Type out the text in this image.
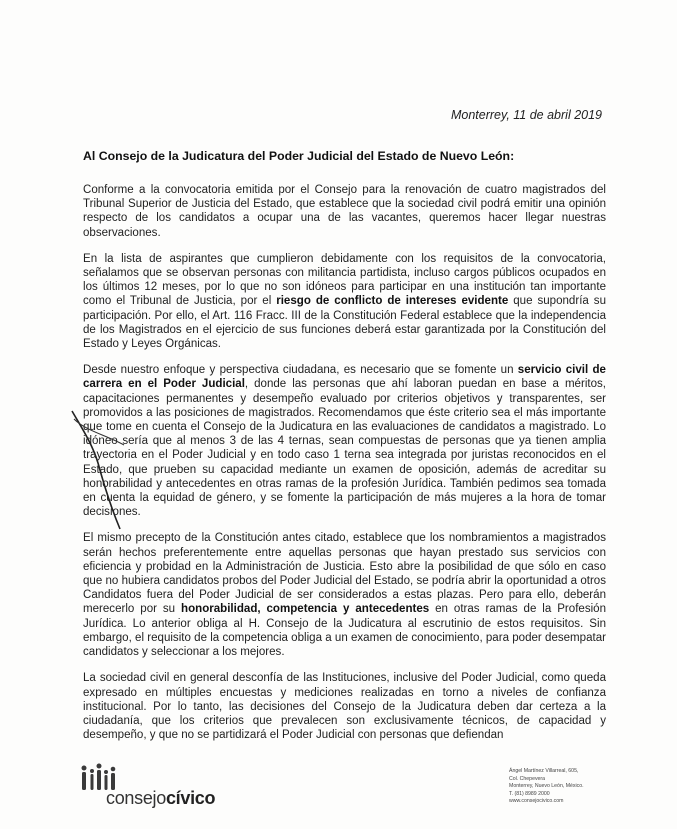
Monterrey, 11 de abril 2019
Al Consejo de la Judicatura del Poder Judicial del Estado de Nuevo León:

Conforme a la convocatoria emitida por el Consejo para la renovación de cuatro magistrados del Tribunal Superior de Justicia del Estado, que establece que la sociedad civil podrá emitir una opinión respecto de los candidatos a ocupar una de las vacantes, queremos hacer llegar nuestras observaciones.

En la lista de aspirantes que cumplieron debidamente con los requisitos de la convocatoria, señalamos que se observan personas con militancia partidista, incluso cargos públicos ocupados en los últimos 12 meses, por lo que no son idóneos para participar en una institución tan importante como el Tribunal de Justicia, por el riesgo de conflicto de intereses evidente que supondría su participación. Por ello, el Art. 116 Fracc. III de la Constitución Federal establece que la independencia de los Magistrados en el ejercicio de sus funciones deberá estar garantizada por la Constitución del Estado y Leyes Orgánicas.

Desde nuestro enfoque y perspectiva ciudadana, es necesario que se fomente un servicio civil de carrera en el Poder Judicial, donde las personas que ahí laboran puedan en base a méritos, capacitaciones permanentes y desempeño evaluado por criterios objetivos y transparentes, ser promovidos a las posiciones de magistrados. Recomendamos que éste criterio sea el más importante que tome en cuenta el Consejo de la Judicatura en las evaluaciones de candidatos a magistrado. Lo idóneo sería que al menos 3 de las 4 ternas, sean compuestas de personas que ya tienen amplia trayectoria en el Poder Judicial y en todo caso 1 terna sea integrada por juristas reconocidos en el Estado, que prueben su capacidad mediante un examen de oposición, además de acreditar su honorabilidad y antecedentes en otras ramas de la profesión Jurídica. También pedimos sea tomada en cuenta la equidad de género, y se fomente la participación de más mujeres a la hora de tomar decisiones.

El mismo precepto de la Constitución antes citado, establece que los nombramientos a magistrados serán hechos preferentemente entre aquellas personas que hayan prestado sus servicios con eficiencia y probidad en la Administración de Justicia. Esto abre la posibilidad de que sólo en caso que no hubiera candidatos probos del Poder Judicial del Estado, se podría abrir la oportunidad a otros Candidatos fuera del Poder Judicial de ser considerados a estas plazas. Pero para ello, deberán merecerlo por su honorabilidad, competencia y antecedentes en otras ramas de la Profesión Jurídica. Lo anterior obliga al H. Consejo de la Judicatura al escrutinio de estos requisitos. Sin embargo, el requisito de la competencia obliga a un examen de conocimiento, para poder desempatar candidatos y seleccionar a los mejores.

La sociedad civil en general desconfía de las Instituciones, inclusive del Poder Judicial, como queda expresado en múltiples encuestas y mediciones realizadas en torno a niveles de confianza institucional. Por lo tanto, las decisiones del Consejo de la Judicatura deben dar certeza a la ciudadanía, que los criterios que prevalecen son exclusivamente técnicos, de capacidad y desempeño, y que no se partidizará el Poder Judicial con personas que defiendan

consejocívico
Ángel Martínez Villarreal, 605,
Col. Chepevera
Monterrey, Nuevo León, México.
T. (81) 8989 2000
www.consejocivico.com
